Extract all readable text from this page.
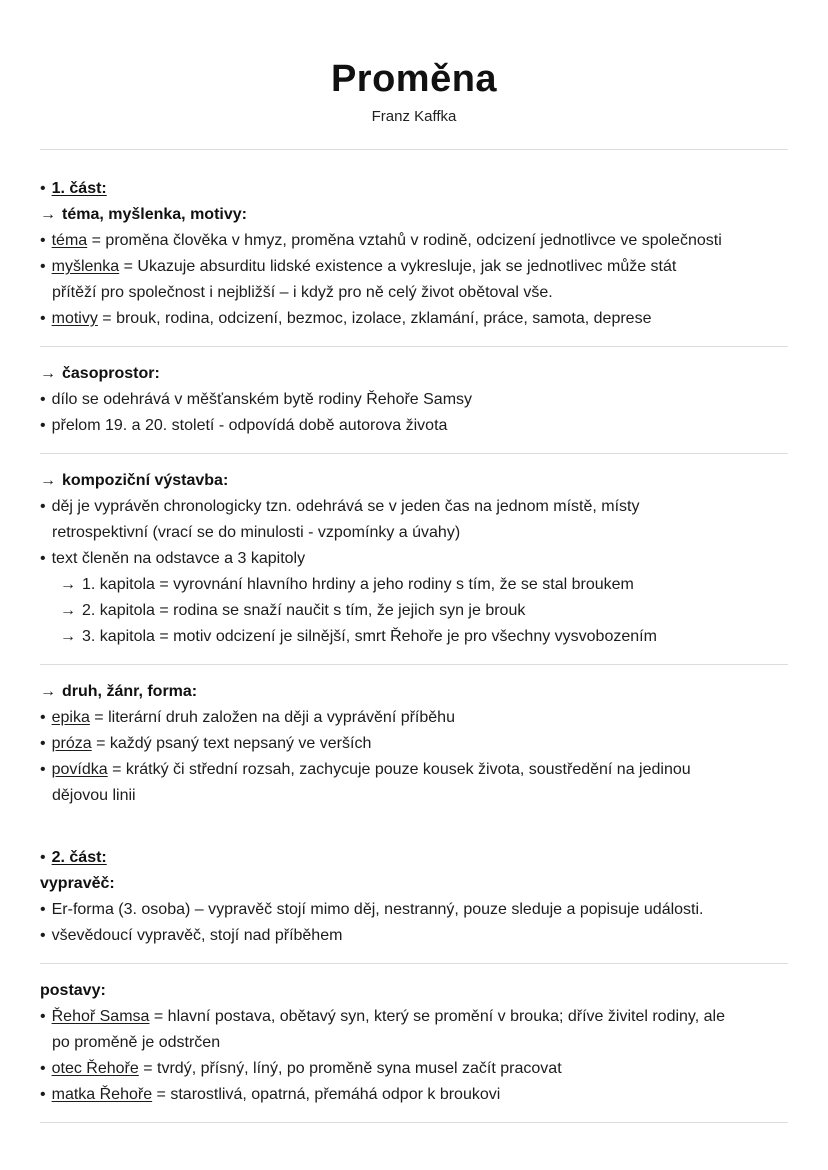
Proměna
Franz Kaffka
• 1. část:
→ téma, myšlenka, motivy:
• téma = proměna člověka v hmyz, proměna vztahů v rodině, odcizení jednotlivce ve společnosti
• myšlenka = Ukazuje absurditu lidské existence a vykresluje, jak se jednotlivec může stát
přítěží pro společnost i nejbližší – i když pro ně celý život obětoval vše.
• motivy = brouk, rodina, odcizení, bezmoc, izolace, zklamání, práce, samota, deprese
→ časoprostor:
• dílo se odehrává v měšťanském bytě rodiny Řehoře Samsy
• přelom 19. a 20. století - odpovídá době autorova života
→ kompoziční výstavba:
• děj je vyprávěn chronologicky tzn. odehrává se v jeden čas na jednom místě, místy
retrospektivní (vrací se do minulosti - vzpomínky a úvahy)
• text členěn na odstavce a 3 kapitoly
→ 1. kapitola = vyrovnání hlavního hrdiny a jeho rodiny s tím, že se stal broukem
→ 2. kapitola = rodina se snaží naučit s tím, že jejich syn je brouk
→ 3. kapitola = motiv odcizení je silnější, smrt Řehoře je pro všechny vysvobozením
→ druh, žánr, forma:
• epika = literární druh založen na ději a vyprávění příběhu
• próza = každý psaný text nepsaný ve verších
• povídka = krátký či střední rozsah, zachycuje pouze kousek života, soustředění na jedinou
dějovou linii
• 2. část:
vypravěč:
• Er-forma (3. osoba) – vypravěč stojí mimo děj, nestranný, pouze sleduje a popisuje události.
• vševědoucí vypravěč, stojí nad příběhem
postavy:
• Řehoř Samsa = hlavní postava, obětavý syn, který se promění v brouka; dříve živitel rodiny, ale
po proměně je odstrčen
• otec Řehoře = tvrdý, přísný, líný, po proměně syna musel začít pracovat
• matka Řehoře = starostlivá, opatrná, přemáhá odpor k broukovi
